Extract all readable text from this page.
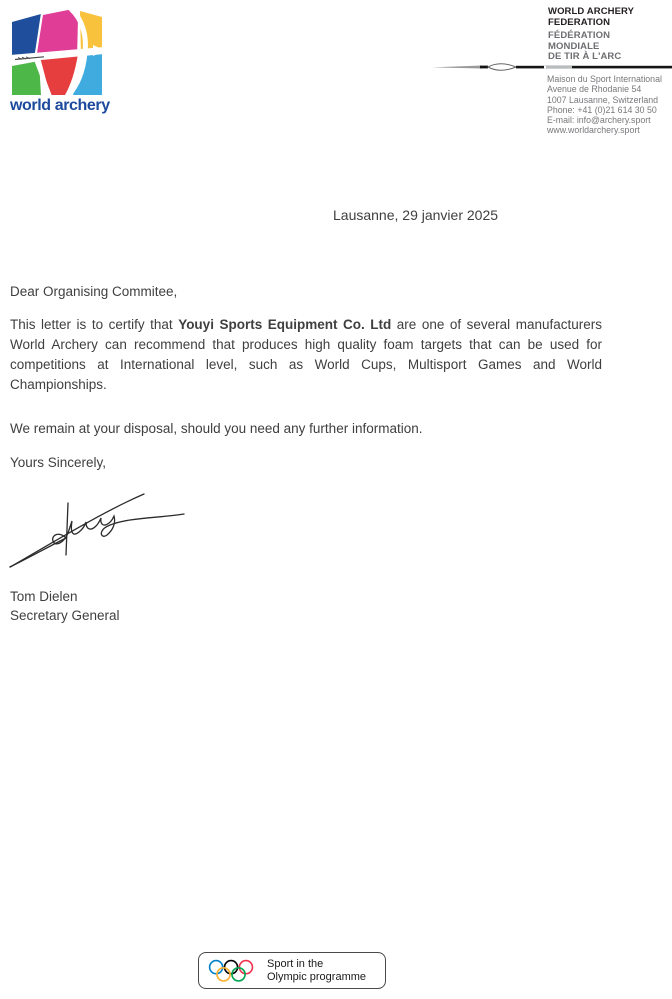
world archery
WORLD ARCHERY
FEDERATION
FÉDÉRATION
MONDIALE
DE TIR À L'ARC
Maison du Sport International
Avenue de Rhodanie 54
1007 Lausanne, Switzerland
Phone: +41 (0)21 614 30 50
E-mail: info@archery.sport
www.worldarchery.sport
Lausanne, 29 janvier 2025
Dear Organising Commitee,

This letter is to certify that Youyi Sports Equipment Co. Ltd are one of several manufacturers World Archery can recommend that produces high quality foam targets that can be used for competitions at International level, such as World Cups, Multisport Games and World Championships.

We remain at your disposal, should you need any further information.

Yours Sincerely,
Tom Dielen
Secretary General
Sport in the
Olympic programme
